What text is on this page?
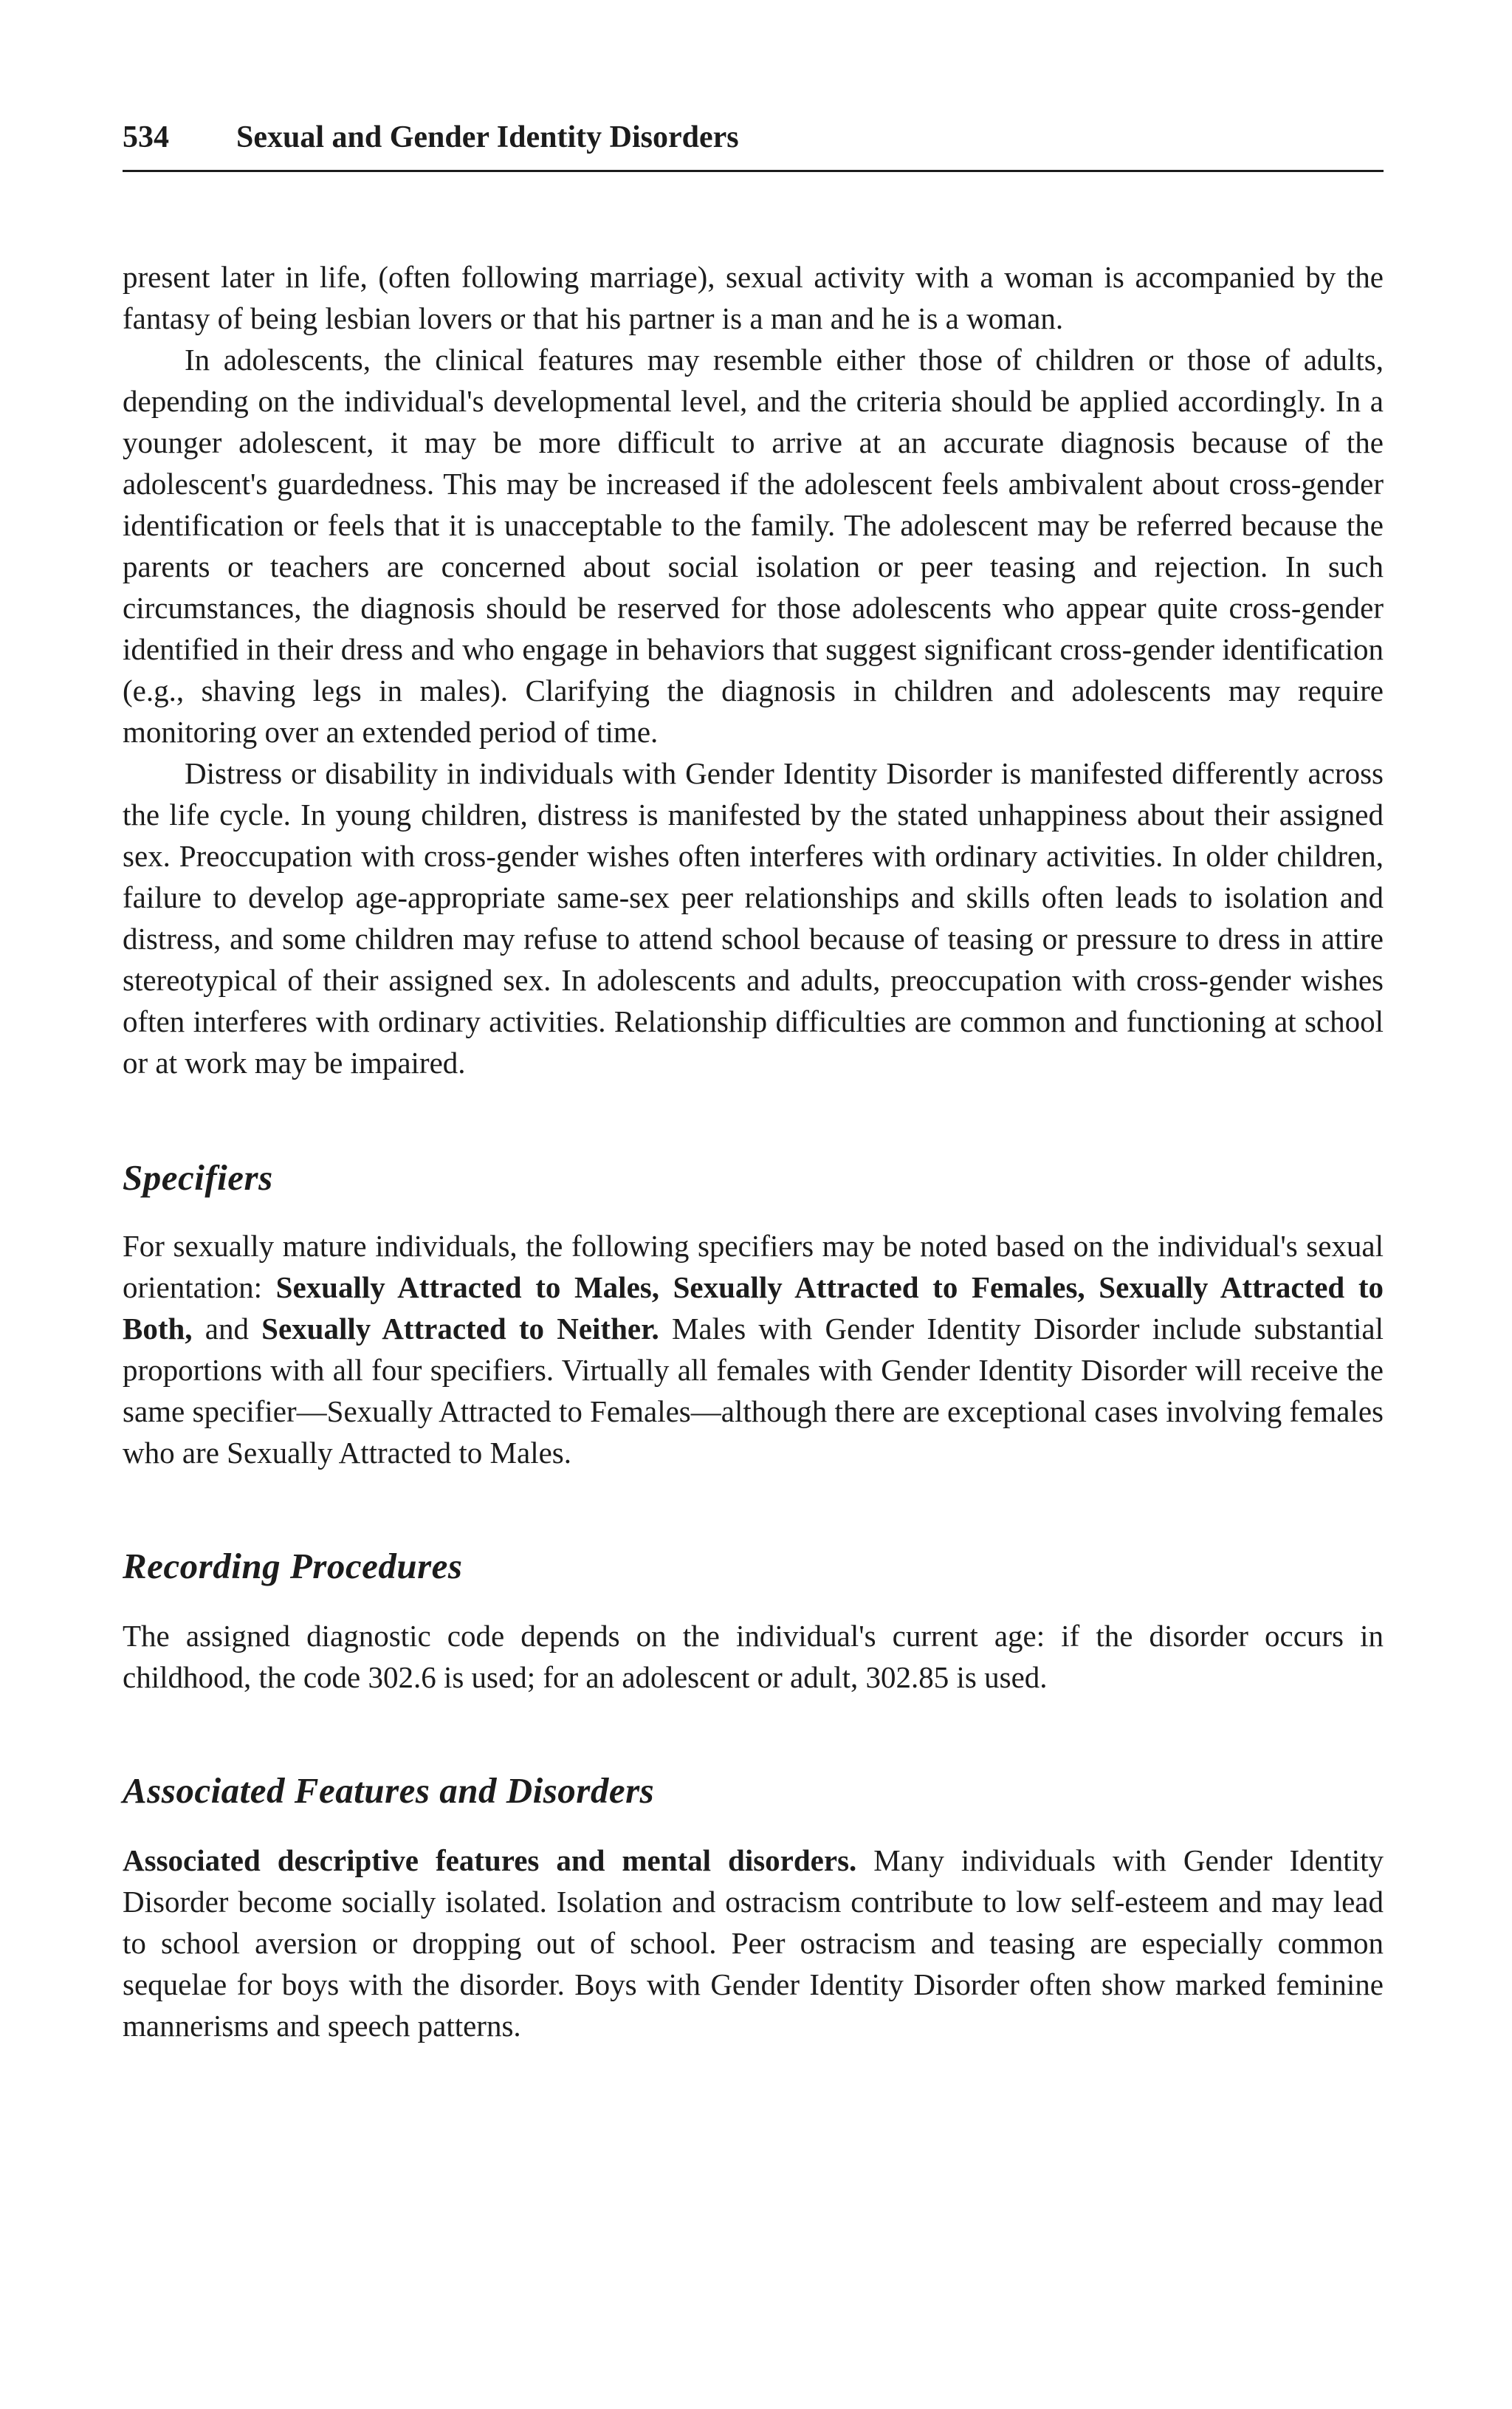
534 Sexual and Gender Identity Disorders

present later in life, (often following marriage), sexual activity with a woman is accompanied by the fantasy of being lesbian lovers or that his partner is a man and he is a woman.

In adolescents, the clinical features may resemble either those of children or those of adults, depending on the individual's developmental level, and the criteria should be applied accordingly. In a younger adolescent, it may be more difficult to arrive at an accurate diagnosis because of the adolescent's guardedness. This may be increased if the adolescent feels ambivalent about cross-gender identification or feels that it is unacceptable to the family. The adolescent may be referred because the parents or teachers are concerned about social isolation or peer teasing and rejection. In such circumstances, the diagnosis should be reserved for those adolescents who appear quite cross-gender identified in their dress and who engage in behaviors that suggest significant cross-gender identification (e.g., shaving legs in males). Clarifying the diagnosis in children and adolescents may require monitoring over an extended period of time.

Distress or disability in individuals with Gender Identity Disorder is manifested differently across the life cycle. In young children, distress is manifested by the stated unhappiness about their assigned sex. Preoccupation with cross-gender wishes often interferes with ordinary activities. In older children, failure to develop age-appropriate same-sex peer relationships and skills often leads to isolation and distress, and some children may refuse to attend school because of teasing or pressure to dress in attire stereotypical of their assigned sex. In adolescents and adults, preoccupation with cross-gender wishes often interferes with ordinary activities. Relationship difficulties are common and functioning at school or at work may be impaired.

Specifiers

For sexually mature individuals, the following specifiers may be noted based on the individual's sexual orientation: Sexually Attracted to Males, Sexually Attracted to Females, Sexually Attracted to Both, and Sexually Attracted to Neither. Males with Gender Identity Disorder include substantial proportions with all four specifiers. Virtually all females with Gender Identity Disorder will receive the same specifier—Sexually Attracted to Females—although there are exceptional cases involving females who are Sexually Attracted to Males.

Recording Procedures

The assigned diagnostic code depends on the individual's current age: if the disorder occurs in childhood, the code 302.6 is used; for an adolescent or adult, 302.85 is used.

Associated Features and Disorders

Associated descriptive features and mental disorders. Many individuals with Gender Identity Disorder become socially isolated. Isolation and ostracism contribute to low self-esteem and may lead to school aversion or dropping out of school. Peer ostracism and teasing are especially common sequelae for boys with the disorder. Boys with Gender Identity Disorder often show marked feminine mannerisms and speech patterns.
